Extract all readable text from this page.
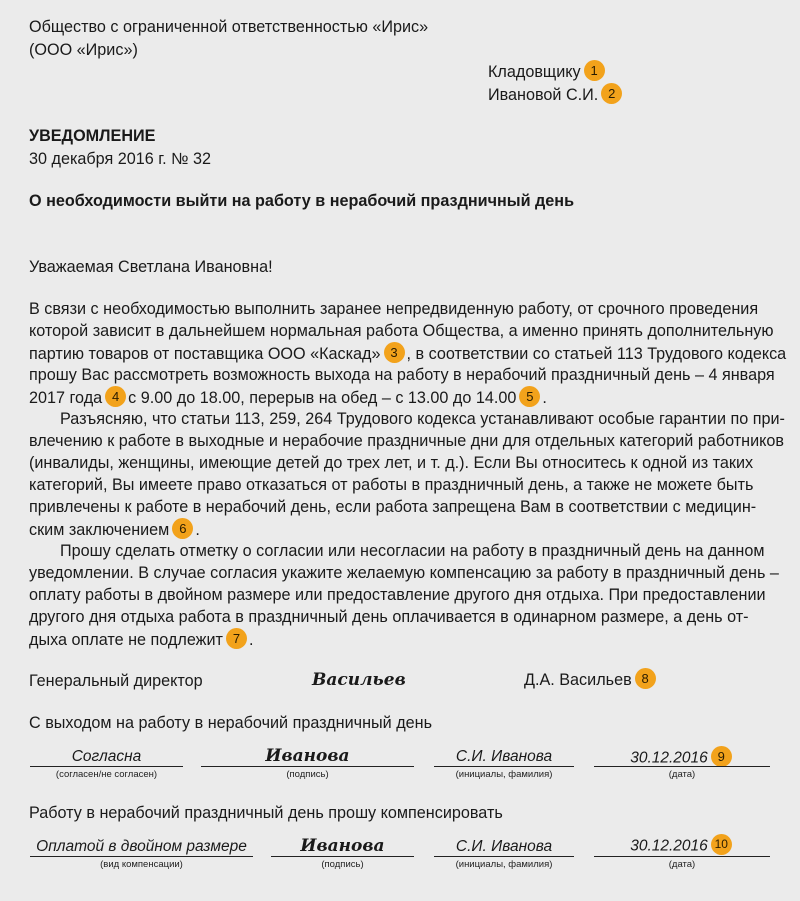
Общество с ограниченной ответственностью «Ирис»
(ООО «Ирис»)
Кладовщику 1
Ивановой С.И. 2
УВЕДОМЛЕНИЕ
30 декабря 2016 г. № 32
О необходимости выйти на работу в нерабочий праздничный день
Уважаемая Светлана Ивановна!
В связи с необходимостью выполнить заранее непредвиденную работу, от срочного проведения
которой зависит в дальнейшем нормальная работа Общества, а именно принять дополнительную
партию товаров от поставщика ООО «Каскад» 3 , в соответствии со статьей 113 Трудового кодекса
прошу Вас рассмотреть возможность выхода на работу в нерабочий праздничный день – 4 января
2017 года 4 с 9.00 до 18.00, перерыв на обед – с 13.00 до 14.00 5 .
Разъясняю, что статьи 113, 259, 264 Трудового кодекса устанавливают особые гарантии по при-
влечению к работе в выходные и нерабочие праздничные дни для отдельных категорий работников
(инвалиды, женщины, имеющие детей до трех лет, и т. д.). Если Вы относитесь к одной из таких
категорий, Вы имеете право отказаться от работы в праздничный день, а также не можете быть
привлечены к работе в нерабочий день, если работа запрещена Вам в соответствии с медицин-
ским заключением 6 .
Прошу сделать отметку о согласии или несогласии на работу в праздничный день на данном
уведомлении. В случае согласия укажите желаемую компенсацию за работу в праздничный день –
оплату работы в двойном размере или предоставление другого дня отдыха. При предоставлении
другого дня отдыха работа в праздничный день оплачивается в одинарном размере, а день от-
дыха оплате не подлежит 7 .
Генеральный директор	Васильев	Д.А. Васильев 8
С выходом на работу в нерабочий праздничный день
Согласна
(согласен/не согласен)
Иванова
(подпись)
С.И. Иванова
(инициалы, фамилия)
30.12.2016 9
(дата)
Работу в нерабочий праздничный день прошу компенсировать
Оплатой в двойном размере
(вид компенсации)
Иванова
(подпись)
С.И. Иванова
(инициалы, фамилия)
30.12.2016 10
(дата)
